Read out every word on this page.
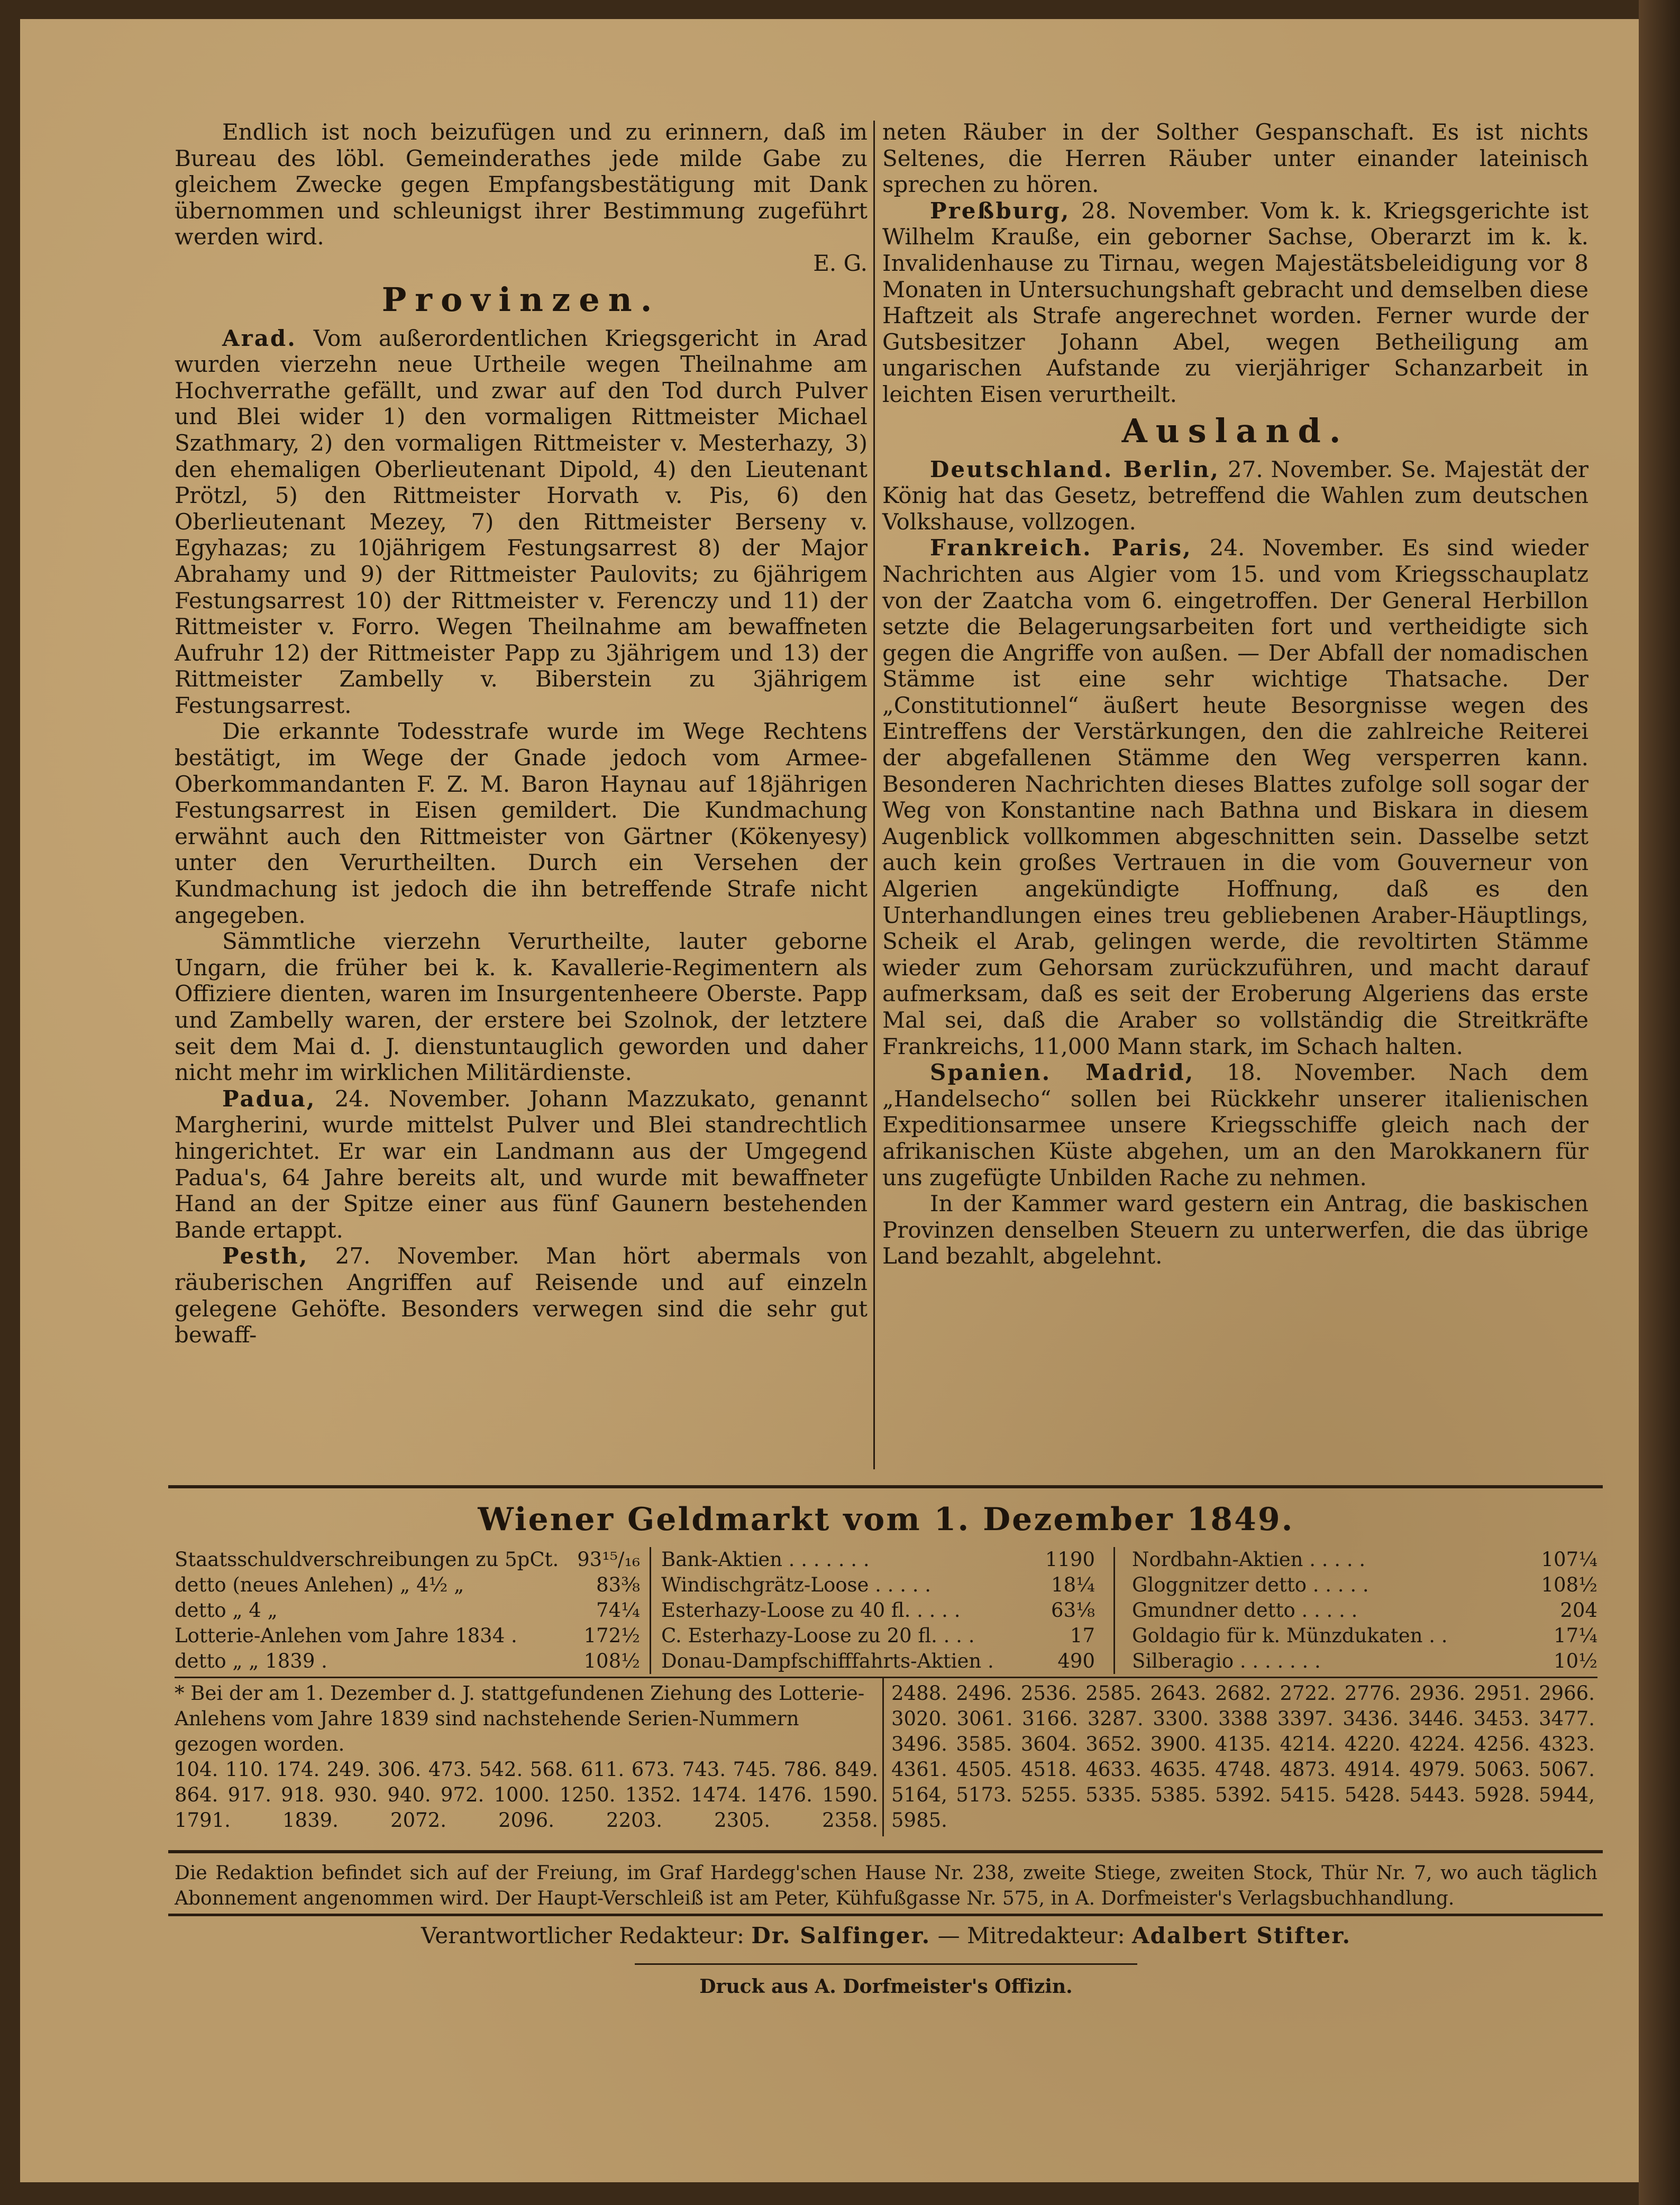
Endlich ist noch beizufügen und zu erinnern, daß im Bureau des löbl. Gemeinderathes jede milde Gabe zu gleichem Zwecke gegen Empfangsbestätigung mit Dank übernommen und schleunigst ihrer Bestimmung zugeführt werden wird.

E. G.

Provinzen.

Arad. Vom außerordentlichen Kriegsgericht in Arad wurden vierzehn neue Urtheile wegen Theilnahme am Hochverrathe gefällt, und zwar auf den Tod durch Pulver und Blei wider 1) den vormaligen Rittmeister Michael Szathmary, 2) den vormaligen Rittmeister v. Mesterhazy, 3) den ehemaligen Oberlieutenant Dipold, 4) den Lieutenant Prötzl, 5) den Rittmeister Horvath v. Pis, 6) den Oberlieutenant Mezey, 7) den Rittmeister Berseny v. Egyhazas; zu 10jährigem Festungsarrest 8) der Major Abrahamy und 9) der Rittmeister Paulovits; zu 6jährigem Festungsarrest 10) der Rittmeister v. Ferenczy und 11) der Rittmeister v. Forro. Wegen Theilnahme am bewaffneten Aufruhr 12) der Rittmeister Papp zu 3jährigem und 13) der Rittmeister Zambelly v. Biberstein zu 3jährigem Festungsarrest.

Die erkannte Todesstrafe wurde im Wege Rechtens bestätigt, im Wege der Gnade jedoch vom Armee-Oberkommandanten F. Z. M. Baron Haynau auf 18jährigen Festungsarrest in Eisen gemildert. Die Kundmachung erwähnt auch den Rittmeister von Gärtner (Kökenyesy) unter den Verurtheilten. Durch ein Versehen der Kundmachung ist jedoch die ihn betreffende Strafe nicht angegeben.

Sämmtliche vierzehn Verurtheilte, lauter geborne Ungarn, die früher bei k. k. Kavallerie-Regimentern als Offiziere dienten, waren im Insurgentenheere Oberste. Papp und Zambelly waren, der erstere bei Szolnok, der letztere seit dem Mai d. J. dienstuntauglich geworden und daher nicht mehr im wirklichen Militärdienste.

Padua, 24. November. Johann Mazzukato, genannt Margherini, wurde mittelst Pulver und Blei standrechtlich hingerichtet. Er war ein Landmann aus der Umgegend Padua's, 64 Jahre bereits alt, und wurde mit bewaffneter Hand an der Spitze einer aus fünf Gaunern bestehenden Bande ertappt.

Pesth, 27. November. Man hört abermals von räuberischen Angriffen auf Reisende und auf einzeln gelegene Gehöfte. Besonders verwegen sind die sehr gut bewaff-

neten Räuber in der Solther Gespanschaft. Es ist nichts Seltenes, die Herren Räuber unter einander lateinisch sprechen zu hören.

Preßburg, 28. November. Vom k. k. Kriegsgerichte ist Wilhelm Krauße, ein geborner Sachse, Oberarzt im k. k. Invalidenhause zu Tirnau, wegen Majestätsbeleidigung vor 8 Monaten in Untersuchungshaft gebracht und demselben diese Haftzeit als Strafe angerechnet worden. Ferner wurde der Gutsbesitzer Johann Abel, wegen Betheiligung am ungarischen Aufstande zu vierjähriger Schanzarbeit in leichten Eisen verurtheilt.

Ausland.

Deutschland. Berlin, 27. November. Se. Majestät der König hat das Gesetz, betreffend die Wahlen zum deutschen Volkshause, vollzogen.

Frankreich. Paris, 24. November. Es sind wieder Nachrichten aus Algier vom 15. und vom Kriegsschauplatz von der Zaatcha vom 6. eingetroffen. Der General Herbillon setzte die Belagerungsarbeiten fort und vertheidigte sich gegen die Angriffe von außen. — Der Abfall der nomadischen Stämme ist eine sehr wichtige Thatsache. Der „Constitutionnel“ äußert heute Besorgnisse wegen des Eintreffens der Verstärkungen, den die zahlreiche Reiterei der abgefallenen Stämme den Weg versperren kann. Besonderen Nachrichten dieses Blattes zufolge soll sogar der Weg von Konstantine nach Bathna und Biskara in diesem Augenblick vollkommen abgeschnitten sein. Dasselbe setzt auch kein großes Vertrauen in die vom Gouverneur von Algerien angekündigte Hoffnung, daß es den Unterhandlungen eines treu gebliebenen Araber-Häuptlings, Scheik el Arab, gelingen werde, die revoltirten Stämme wieder zum Gehorsam zurückzuführen, und macht darauf aufmerksam, daß es seit der Eroberung Algeriens das erste Mal sei, daß die Araber so vollständig die Streitkräfte Frankreichs, 11,000 Mann stark, im Schach halten.

Spanien. Madrid, 18. November. Nach dem „Handelsecho“ sollen bei Rückkehr unserer italienischen Expeditionsarmee unsere Kriegsschiffe gleich nach der afrikanischen Küste abgehen, um an den Marokkanern für uns zugefügte Unbilden Rache zu nehmen.

In der Kammer ward gestern ein Antrag, die baskischen Provinzen denselben Steuern zu unterwerfen, die das übrige Land bezahlt, abgelehnt.

Wiener Geldmarkt vom 1. Dezember 1849.
Staatsschuldverschreibungen zu 5pCt. 93¹⁵/₁₆
detto (neues Anlehen) „ 4½ „	83⅜
detto „ 4 „	74¼
Lotterie-Anlehen vom Jahre 1834 .	172½
detto „ „ 1839 .	108½
Bank-Aktien . . . . . . .	1190
Windischgrätz-Loose . . . . .	18¼
Esterhazy-Loose zu 40 fl. . . . .	63⅛
C. Esterhazy-Loose zu 20 fl. . . .	17
Donau-Dampfschifffahrts-Aktien .	490
Nordbahn-Aktien . . . . .	107¼
Gloggnitzer detto . . . . .	108½
Gmundner detto . . . . .	204
Goldagio für k. Münzdukaten . .	17¼
Silberagio . . . . . . .	10½
* Bei der am 1. Dezember d. J. stattgefundenen Ziehung des Lotterie-Anlehens vom Jahre 1839 sind nachstehende Serien-Nummern gezogen worden.
104. 110. 174. 249. 306. 473. 542. 568. 611. 673. 743. 745. 786. 849. 864. 917. 918. 930. 940. 972. 1000. 1250. 1352. 1474. 1476. 1590. 1791. 1839. 2072. 2096. 2203. 2305. 2358.
2488. 2496. 2536. 2585. 2643. 2682. 2722. 2776. 2936. 2951. 2966. 3020. 3061. 3166. 3287. 3300. 3388 3397. 3436. 3446. 3453. 3477. 3496. 3585. 3604. 3652. 3900. 4135. 4214. 4220. 4224. 4256. 4323. 4361. 4505. 4518. 4633. 4635. 4748. 4873. 4914. 4979. 5063. 5067. 5164, 5173. 5255. 5335. 5385. 5392. 5415. 5428. 5443. 5928. 5944, 5985.
Die Redaktion befindet sich auf der Freiung, im Graf Hardegg'schen Hause Nr. 238, zweite Stiege, zweiten Stock, Thür Nr. 7, wo auch täglich Abonnement angenommen wird. Der Haupt-Verschleiß ist am Peter, Kühfußgasse Nr. 575, in A. Dorfmeister's Verlagsbuchhandlung.
Verantwortlicher Redakteur: Dr. Salfinger. — Mitredakteur: Adalbert Stifter.
Druck aus A. Dorfmeister's Offizin.
